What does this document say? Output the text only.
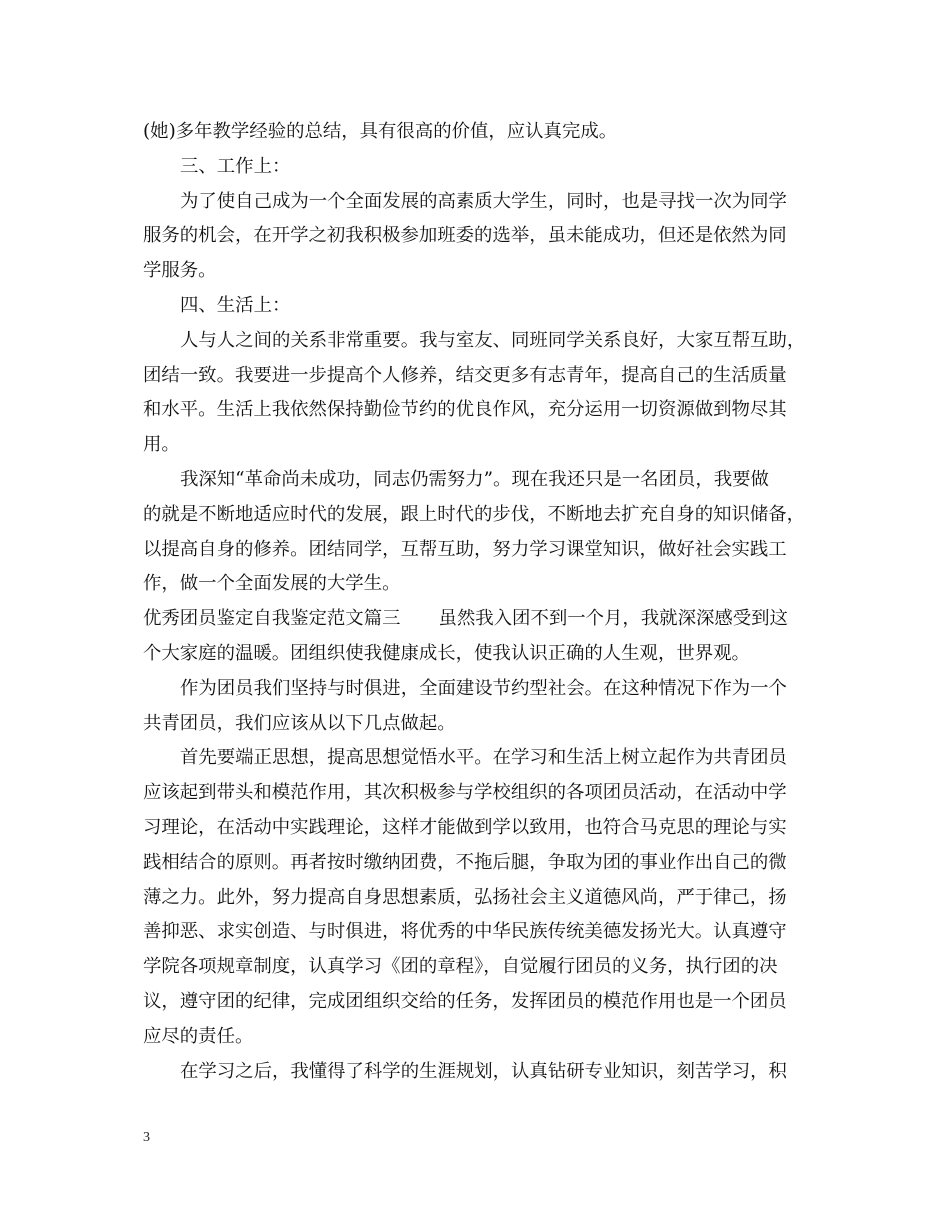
(她)多年教学经验的总结，具有很高的价值，应认真完成。
三、工作上：
为了使自己成为一个全面发展的高素质大学生，同时，也是寻找一次为同学
服务的机会，在开学之初我积极参加班委的选举，虽未能成功，但还是依然为同
学服务。
四、生活上：
人与人之间的关系非常重要。我与室友、同班同学关系良好，大家互帮互助，
团结一致。我要进一步提高个人修养，结交更多有志青年，提高自己的生活质量
和水平。生活上我依然保持勤俭节约的优良作风，充分运用一切资源做到物尽其
用。
我深知“革命尚未成功，同志仍需努力”。现在我还只是一名团员，我要做
的就是不断地适应时代的发展，跟上时代的步伐，不断地去扩充自身的知识储备，
以提高自身的修养。团结同学，互帮互助，努力学习课堂知识，做好社会实践工
作，做一个全面发展的大学生。
优秀团员鉴定自我鉴定范文篇三 虽然我入团不到一个月，我就深深感受到这
个大家庭的温暖。团组织使我健康成长，使我认识正确的人生观，世界观。
作为团员我们坚持与时俱进，全面建设节约型社会。在这种情况下作为一个
共青团员，我们应该从以下几点做起。
首先要端正思想，提高思想觉悟水平。在学习和生活上树立起作为共青团员
应该起到带头和模范作用，其次积极参与学校组织的各项团员活动，在活动中学
习理论，在活动中实践理论，这样才能做到学以致用，也符合马克思的理论与实
践相结合的原则。再者按时缴纳团费，不拖后腿，争取为团的事业作出自己的微
薄之力。此外，努力提高自身思想素质，弘扬社会主义道德风尚，严于律己，扬
善抑恶、求实创造、与时俱进，将优秀的中华民族传统美德发扬光大。认真遵守
学院各项规章制度，认真学习《团的章程》，自觉履行团员的义务，执行团的决
议，遵守团的纪律，完成团组织交给的任务，发挥团员的模范作用也是一个团员
应尽的责任。
在学习之后，我懂得了科学的生涯规划，认真钻研专业知识，刻苦学习，积
3
